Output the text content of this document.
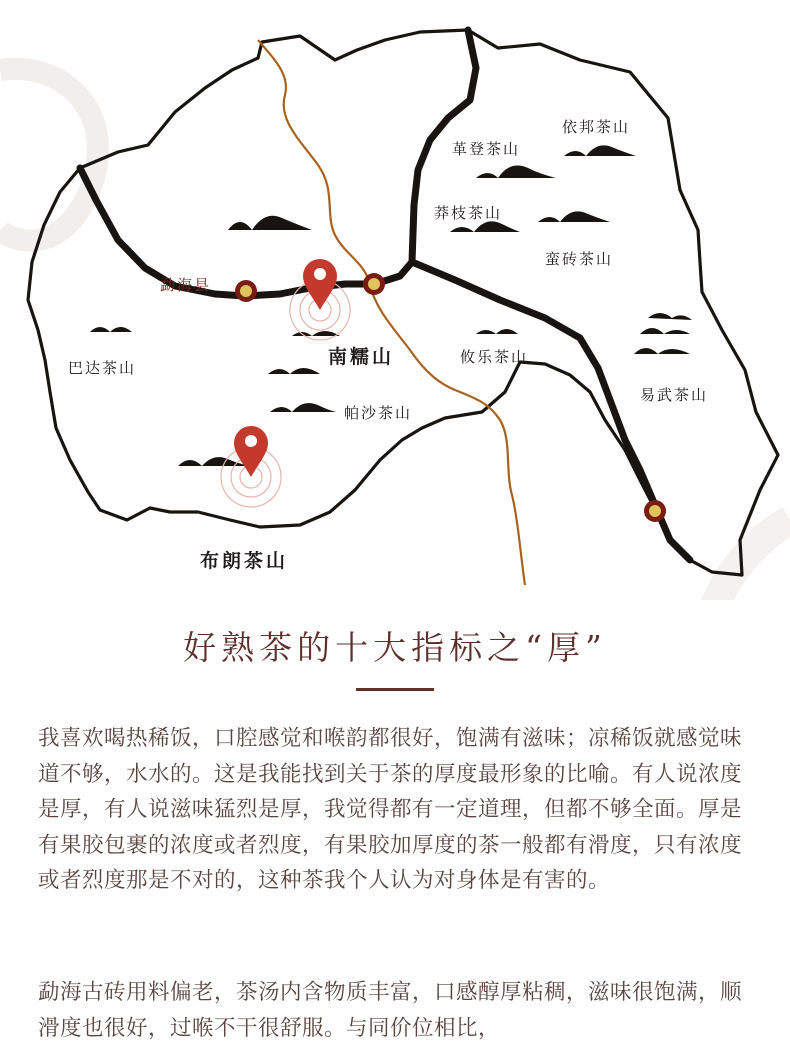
革登茶山
依邦茶山
莽枝茶山
蛮砖茶山
勐海县
南糯山
巴达茶山
攸乐茶山
易武茶山
帕沙茶山
布朗茶山
好熟茶的十大指标之“厚”

我喜欢喝热稀饭，口腔感觉和喉韵都很好，饱满有滋味；凉稀饭就感觉味道不够，水水的。这是我能找到关于茶的厚度最形象的比喻。有人说浓度是厚，有人说滋味猛烈是厚，我觉得都有一定道理，但都不够全面。厚是有果胶包裹的浓度或者烈度，有果胶加厚度的茶一般都有滑度，只有浓度或者烈度那是不对的，这种茶我个人认为对身体是有害的。

勐海古砖用料偏老，茶汤内含物质丰富，口感醇厚粘稠，滋味很饱满，顺滑度也很好，过喉不干很舒服。与同价位相比，
